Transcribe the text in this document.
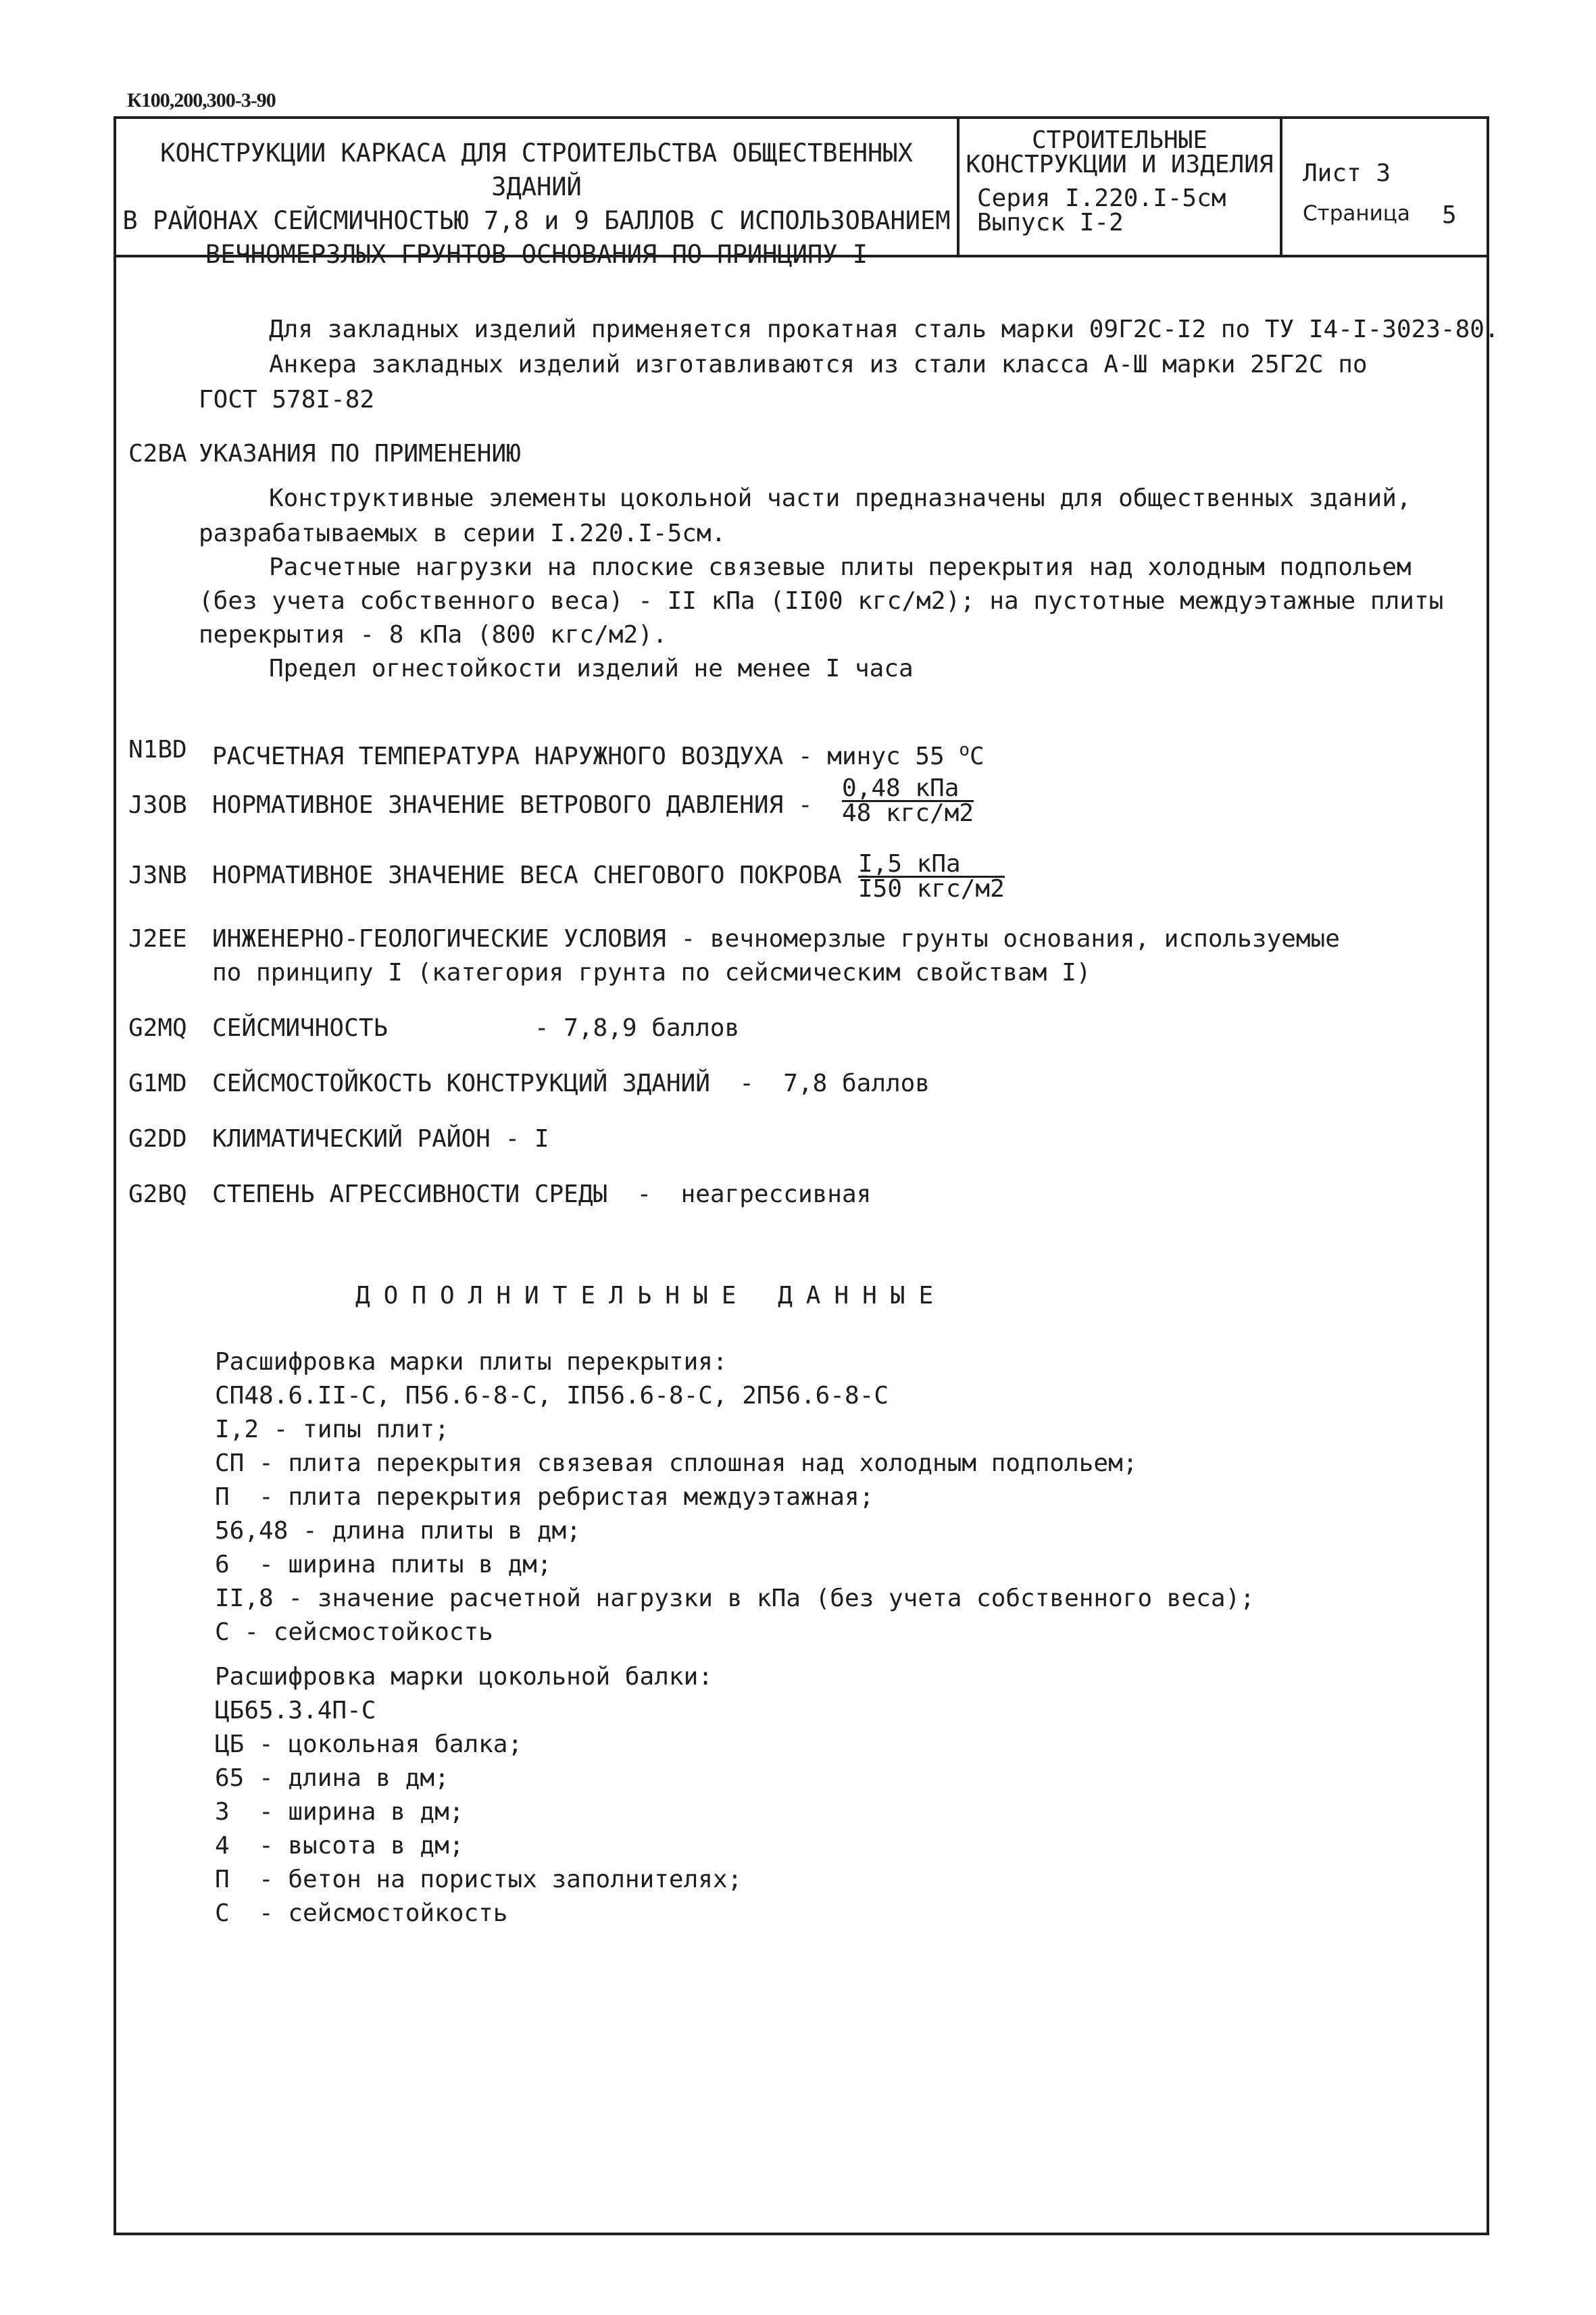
К100,200,300-3-90
КОНСТРУКЦИИ КАРКАСА ДЛЯ СТРОИТЕЛЬСТВА ОБЩЕСТВЕННЫХ ЗДАНИЙ
В РАЙОНАХ СЕЙСМИЧНОСТЬЮ 7,8 и 9 БАЛЛОВ С ИСПОЛЬЗОВАНИЕМ
ВЕЧНОМЕРЗЛЫХ ГРУНТОВ ОСНОВАНИЯ ПО ПРИНЦИПУ I
СТРОИТЕЛЬНЫЕ
КОНСТРУКЦИИ И ИЗДЕЛИЯ
Серия I.220.I-5см
Выпуск I-2
Лист 3
Страница 5
Для закладных изделий применяется прокатная сталь марки 09Г2С-I2 по ТУ I4-I-3023-80.
Анкера закладных изделий изготавливаются из стали класса А-Ш марки 25Г2С по
ГОСТ 578I-82
С2ВА УКАЗАНИЯ ПО ПРИМЕНЕНИЮ
Конструктивные элементы цокольной части предназначены для общественных зданий,
разрабатываемых в серии I.220.I-5см.
Расчетные нагрузки на плоские связевые плиты перекрытия над холодным подпольем
(без учета собственного веса) - II кПа (II00 кгс/м2); на пустотные междуэтажные плиты
перекрытия - 8 кПа (800 кгс/м2).
Предел огнестойкости изделий не менее I часа
N1BD РАСЧЕТНАЯ ТЕМПЕРАТУРА НАРУЖНОГО ВОЗДУХА - минус 55 $^о$С
J3OB НОРМАТИВНОЕ ЗНАЧЕНИЕ ВЕТРОВОГО ДАВЛЕНИЯ -
0,48 кПа
48 кгс/м2
J3NB НОРМАТИВНОЕ ЗНАЧЕНИЕ ВЕСА СНЕГОВОГО ПОКРОВА -
I,5 кПа
I50 кгс/м2
J2EE ИНЖЕНЕРНО-ГЕОЛОГИЧЕСКИЕ УСЛОВИЯ - вечномерзлые грунты основания, используемые
по принципу I (категория грунта по сейсмическим свойствам I)
G2MQ СЕЙСМИЧНОСТЬ          - 7,8,9 баллов
G1MD СЕЙСМОСТОЙКОСТЬ КОНСТРУКЦИЙ ЗДАНИЙ  -  7,8 баллов
G2DD КЛИМАТИЧЕСКИЙ РАЙОН - I
G2BQ СТЕПЕНЬ АГРЕССИВНОСТИ СРЕДЫ  -  неагрессивная
ДОПОЛНИТЕЛЬНЫЕ ДАННЫЕ
Расшифровка марки плиты перекрытия:
СП48.6.II-С, П56.6-8-С, IП56.6-8-С, 2П56.6-8-С
I,2 - типы плит;
СП - плита перекрытия связевая сплошная над холодным подпольем;
П  - плита перекрытия ребристая междуэтажная;
56,48 - длина плиты в дм;
6  - ширина плиты в дм;
II,8 - значение расчетной нагрузки в кПа (без учета собственного веса);
С - сейсмостойкость
Расшифровка марки цокольной балки:
ЦБ65.3.4П-С
ЦБ - цокольная балка;
65 - длина в дм;
3  - ширина в дм;
4  - высота в дм;
П  - бетон на пористых заполнителях;
С  - сейсмостойкость
